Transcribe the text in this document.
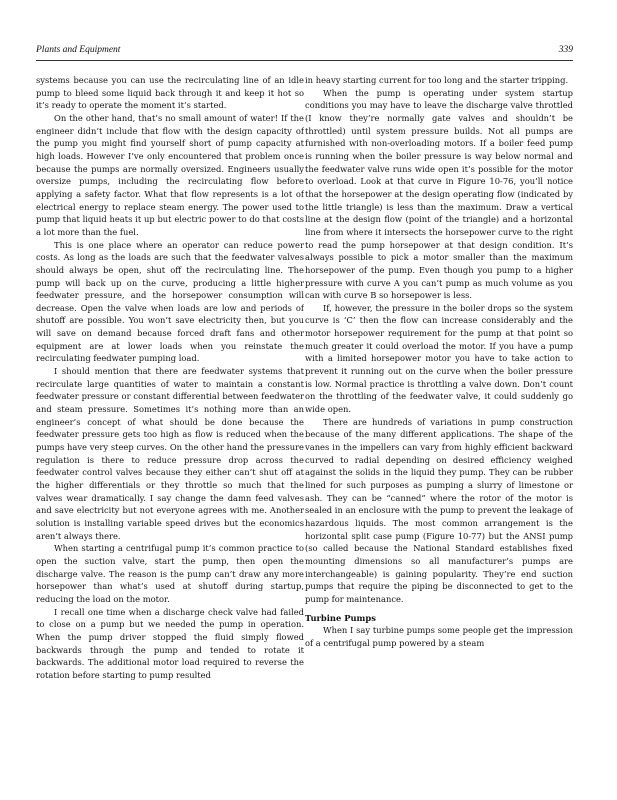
Plants and Equipment	339

systems because you can use the recirculating line of an idle pump to bleed some liquid back through it and keep it hot so it’s ready to operate the moment it’s started.

On the other hand, that’s no small amount of water! If the engineer didn’t include that flow with the design capacity of the pump you might find yourself short of pump capacity at high loads. However I’ve only encountered that problem once because the pumps are normally oversized. Engineers usually oversize pumps, including the recirculating flow before applying a safety factor. What that flow represents is a lot of electrical energy to replace steam energy. The power used to pump that liquid heats it up but electric power to do that costs a lot more than the fuel.

This is one place where an operator can reduce power costs. As long as the loads are such that the feedwater valves should always be open, shut off the recirculating line. The pump will back up on the curve, producing a little higher feedwater pressure, and the horsepower consumption will decrease. Open the valve when loads are low and periods of shutoff are possible. You won’t save electricity then, but you will save on demand because forced draft fans and other equipment are at lower loads when you reinstate the recirculating feedwater pumping load.

I should mention that there are feedwater systems that recirculate large quantities of water to maintain a constant feedwater pressure or constant differential between feedwater and steam pressure. Sometimes it’s nothing more than an engineer’s concept of what should be done because the feedwater pressure gets too high as flow is reduced when the pumps have very steep curves. On the other hand the pressure regulation is there to reduce pressure drop across the feedwater control valves because they either can’t shut off at the higher differentials or they throttle so much that the valves wear dramatically. I say change the damn feed valves and save electricity but not everyone agrees with me. Another solution is installing variable speed drives but the economics aren’t always there.

When starting a centrifugal pump it’s common practice to open the suction valve, start the pump, then open the discharge valve. The reason is the pump can’t draw any more horsepower than what’s used at shutoff during startup, reducing the load on the motor.

I recall one time when a discharge check valve had failed to close on a pump but we needed the pump in operation. When the pump driver stopped the fluid simply flowed backwards through the pump and tended to rotate it backwards. The additional motor load required to reverse the rotation before starting to pump resulted

in heavy starting current for too long and the starter tripping.

When the pump is operating under system startup conditions you may have to leave the discharge valve throttled (I know they’re normally gate valves and shouldn’t be throttled) until system pressure builds. Not all pumps are furnished with non-overloading motors. If a boiler feed pump is running when the boiler pressure is way below normal and the feedwater valve runs wide open it’s possible for the motor to overload. Look at that curve in Figure 10-76, you’ll notice that the horsepower at the design operating flow (indicated by the little triangle) is less than the maximum. Draw a vertical line at the design flow (point of the triangle) and a horizontal line from where it intersects the horsepower curve to the right to read the pump horsepower at that design condition. It’s always possible to pick a motor smaller than the maximum horsepower of the pump. Even though you pump to a higher pressure with curve A you can’t pump as much volume as you can with curve B so horsepower is less.

If, however, the pressure in the boiler drops so the system curve is ‘C’ then the flow can increase considerably and the motor horsepower requirement for the pump at that point so much greater it could overload the motor. If you have a pump with a limited horsepower motor you have to take action to prevent it running out on the curve when the boiler pressure is low. Normal practice is throttling a valve down. Don’t count on the throttling of the feedwater valve, it could suddenly go wide open.

There are hundreds of variations in pump construction because of the many different applications. The shape of the vanes in the impellers can vary from highly efficient backward curved to radial depending on desired efficiency weighed against the solids in the liquid they pump. They can be rubber lined for such purposes as pumping a slurry of limestone or ash. They can be “canned” where the rotor of the motor is sealed in an enclosure with the pump to prevent the leakage of hazardous liquids. The most common arrangement is the horizontal split case pump (Figure 10-77) but the ANSI pump (so called because the National Standard establishes fixed mounting dimensions so all manufacturer’s pumps are interchangeable) is gaining popularity. They’re end suction pumps that require the piping be disconnected to get to the pump for maintenance.

Turbine Pumps

When I say turbine pumps some people get the impression of a centrifugal pump powered by a steam
